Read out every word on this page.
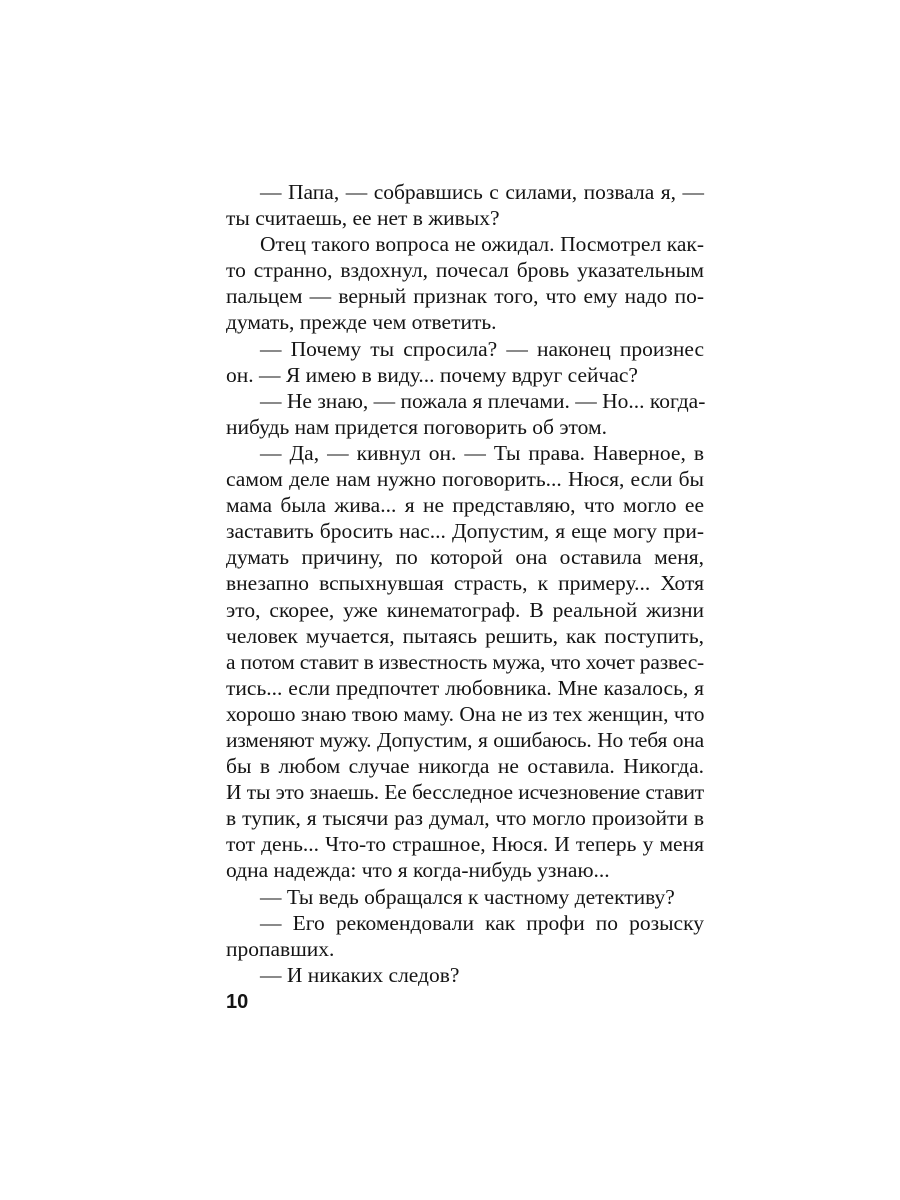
— Папа, — собравшись с силами, позвала я, —
ты считаешь, ее нет в живых?
Отец такого вопроса не ожидал. Посмотрел как-
то странно, вздохнул, почесал бровь указательным
пальцем — верный признак того, что ему надо по-
думать, прежде чем ответить.
— Почему ты спросила? — наконец произнес
он. — Я имею в виду... почему вдруг сейчас?
— Не знаю, — пожала я плечами. — Но... когда-
нибудь нам придется поговорить об этом.
— Да, — кивнул он. — Ты права. Наверное, в
самом деле нам нужно поговорить... Нюся, если бы
мама была жива... я не представляю, что могло ее
заставить бросить нас... Допустим, я еще могу при-
думать причину, по которой она оставила меня,
внезапно вспыхнувшая страсть, к примеру... Хотя
это, скорее, уже кинематограф. В реальной жизни
человек мучается, пытаясь решить, как поступить,
а потом ставит в известность мужа, что хочет развес-
тись... если предпочтет любовника. Мне казалось, я
хорошо знаю твою маму. Она не из тех женщин, что
изменяют мужу. Допустим, я ошибаюсь. Но тебя она
бы в любом случае никогда не оставила. Никогда.
И ты это знаешь. Ее бесследное исчезновение ставит
в тупик, я тысячи раз думал, что могло произойти в
тот день... Что-то страшное, Нюся. И теперь у меня
одна надежда: что я когда-нибудь узнаю...
— Ты ведь обращался к частному детективу?
— Его рекомендовали как профи по розыску
пропавших.
— И никаких следов?
10
